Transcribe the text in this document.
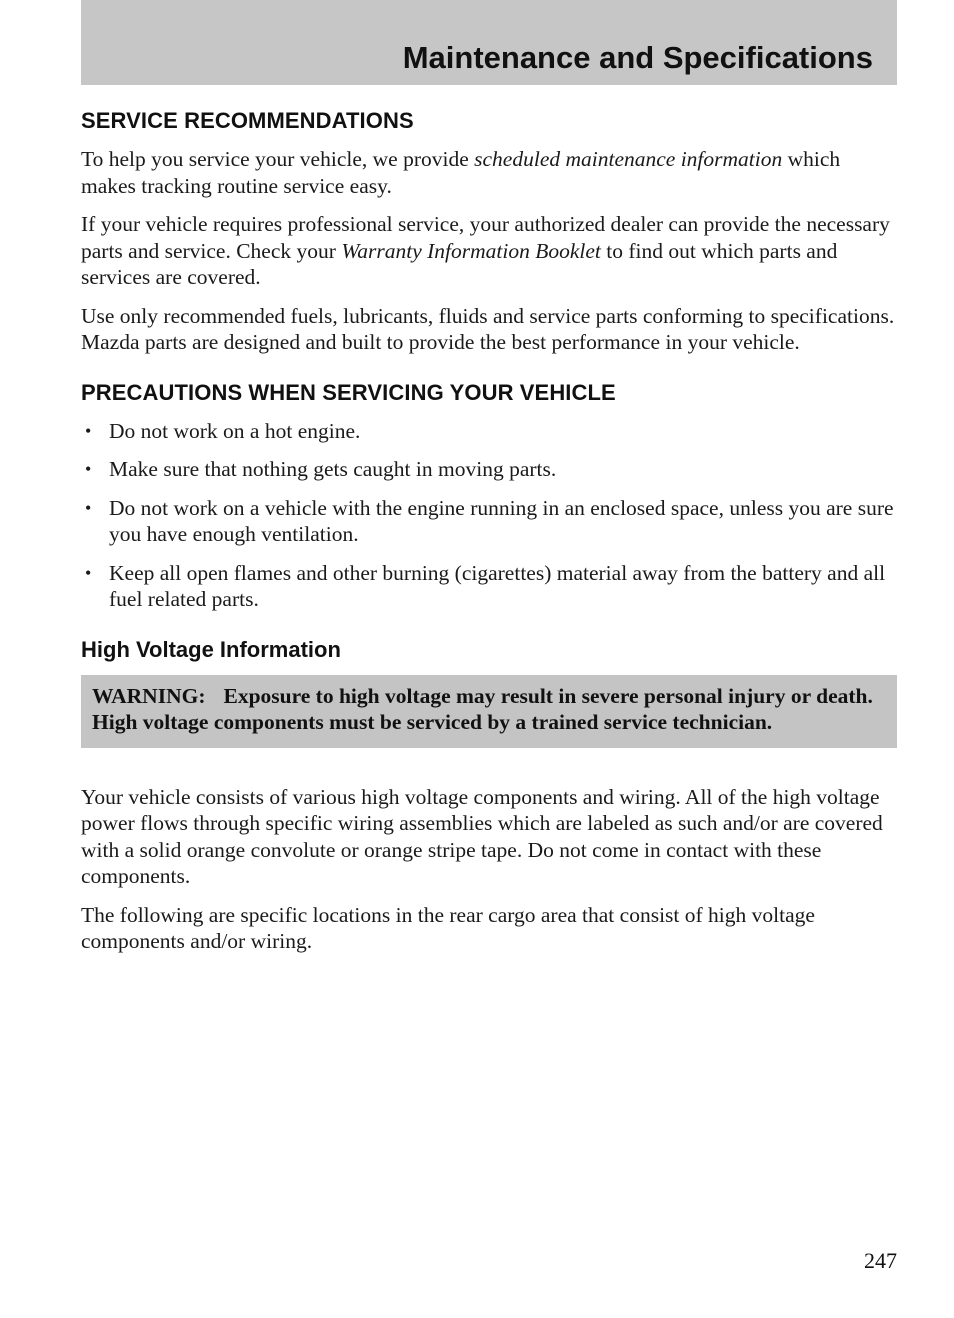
Maintenance and Specifications
SERVICE RECOMMENDATIONS

To help you service your vehicle, we provide scheduled maintenance information which makes tracking routine service easy.

If your vehicle requires professional service, your authorized dealer can provide the necessary parts and service. Check your Warranty Information Booklet to find out which parts and services are covered.

Use only recommended fuels, lubricants, fluids and service parts conforming to specifications. Mazda parts are designed and built to provide the best performance in your vehicle.

PRECAUTIONS WHEN SERVICING YOUR VEHICLE
• Do not work on a hot engine.
• Make sure that nothing gets caught in moving parts.
• Do not work on a vehicle with the engine running in an enclosed space, unless you are sure you have enough ventilation.
• Keep all open flames and other burning (cigarettes) material away from the battery and all fuel related parts.
High Voltage Information
WARNING: Exposure to high voltage may result in severe personal injury or death. High voltage components must be serviced by a trained service technician.

Your vehicle consists of various high voltage components and wiring. All of the high voltage power flows through specific wiring assemblies which are labeled as such and/or are covered with a solid orange convolute or orange stripe tape. Do not come in contact with these components.

The following are specific locations in the rear cargo area that consist of high voltage components and/or wiring.

247
